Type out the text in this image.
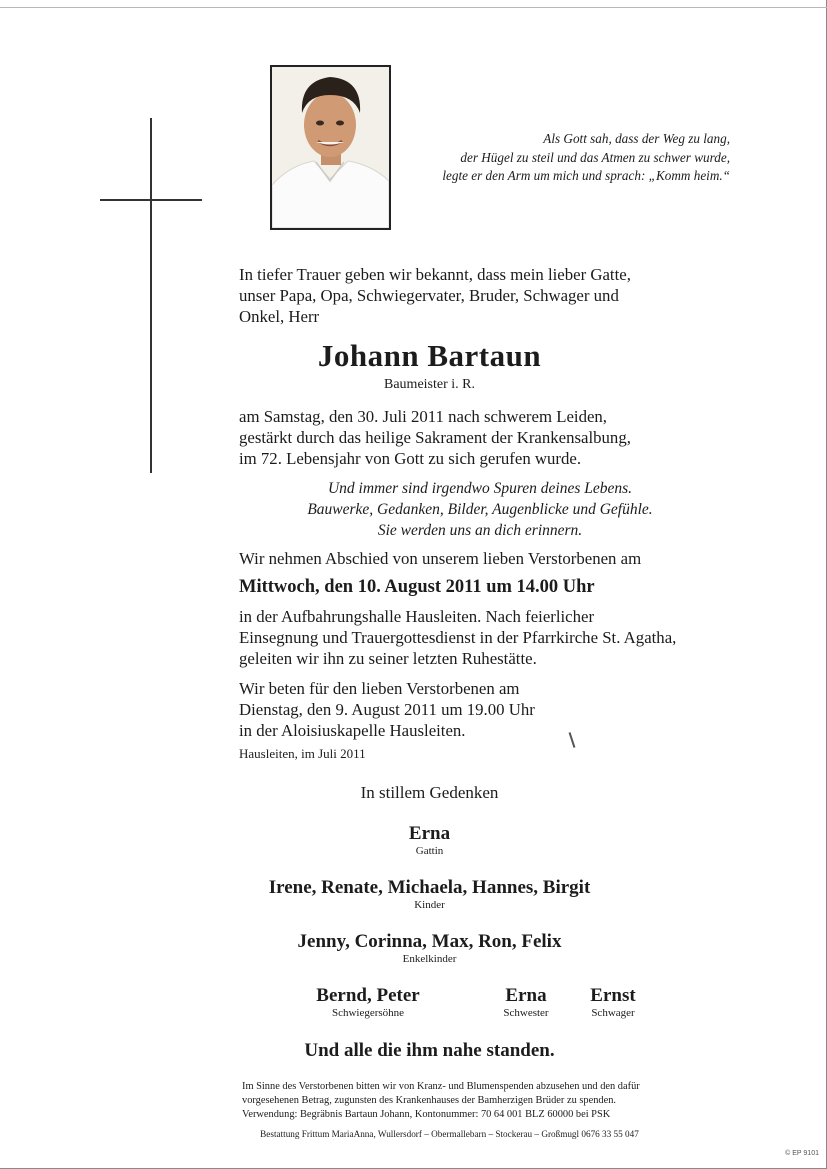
Als Gott sah, dass der Weg zu lang,
der Hügel zu steil und das Atmen zu schwer wurde,
legte er den Arm um mich und sprach: „Komm heim.“
In tiefer Trauer geben wir bekannt, dass mein lieber Gatte,
unser Papa, Opa, Schwiegervater, Bruder, Schwager und
Onkel, Herr
Johann Bartaun
Baumeister i. R.
am Samstag, den 30. Juli 2011 nach schwerem Leiden,
gestärkt durch das heilige Sakrament der Krankensalbung,
im 72. Lebensjahr von Gott zu sich gerufen wurde.
Und immer sind irgendwo Spuren deines Lebens.
Bauwerke, Gedanken, Bilder, Augenblicke und Gefühle.
Sie werden uns an dich erinnern.
Wir nehmen Abschied von unserem lieben Verstorbenen am
Mittwoch, den 10. August 2011 um 14.00 Uhr
in der Aufbahrungshalle Hausleiten. Nach feierlicher
Einsegnung und Trauergottesdienst in der Pfarrkirche St. Agatha,
geleiten wir ihn zu seiner letzten Ruhestätte.
Wir beten für den lieben Verstorbenen am
Dienstag, den 9. August 2011 um 19.00 Uhr
in der Aloisiuskapelle Hausleiten.
Hausleiten, im Juli 2011
In stillem Gedenken
Erna
Gattin
Irene, Renate, Michaela, Hannes, Birgit
Kinder
Jenny, Corinna, Max, Ron, Felix
Enkelkinder
Bernd, Peter
Schwiegersöhne
Erna
Schwester
Ernst
Schwager
Und alle die ihm nahe standen.
Im Sinne des Verstorbenen bitten wir von Kranz- und Blumenspenden abzusehen und den dafür
vorgesehenen Betrag, zugunsten des Krankenhauses der Bamherzigen Brüder zu spenden.
Verwendung: Begräbnis Bartaun Johann, Kontonummer: 70 64 001 BLZ 60000 bei PSK
Bestattung Frittum MariaAnna, Wullersdorf – Obermallebarn – Stockerau – Großmugl 0676 33 55 047
© EP 9101
